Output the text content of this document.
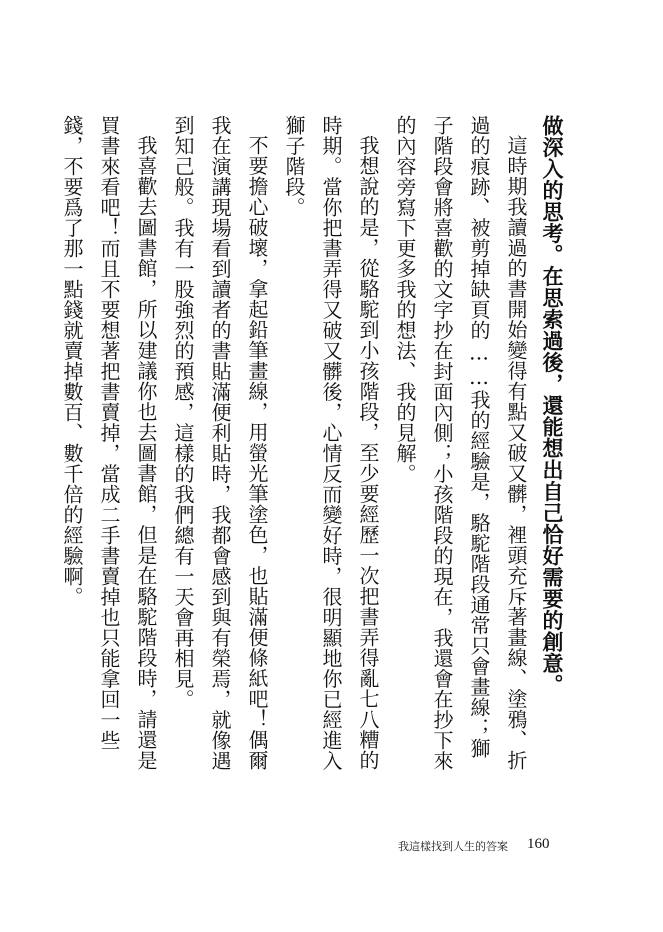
做深入的思考。在思索過後，還能想出自己恰好需要的創意。

這時期我讀過的書開始變得有點又破又髒，裡頭充斥著畫線、塗鴉、折過的痕跡、被剪掉缺頁的……我的經驗是，駱駝階段通常只會畫線；獅子階段會將喜歡的文字抄在封面內側；小孩階段的現在，我還會在抄下來的內容旁寫下更多我的想法、我的見解。

我想說的是，從駱駝到小孩階段，至少要經歷一次把書弄得亂七八糟的時期。當你把書弄得又破又髒後，心情反而變好時，很明顯地你已經進入獅子階段。

不要擔心破壞，拿起鉛筆畫線，用螢光筆塗色，也貼滿便條紙吧！偶爾我在演講現場看到讀者的書貼滿便利貼時，我都會感到與有榮焉，就像遇到知己般。我有一股強烈的預感，這樣的我們總有一天會再相見。

我喜歡去圖書館，所以建議你也去圖書館，但是在駱駝階段時，請還是買書來看吧！而且不要想著把書賣掉，當成二手書賣掉也只能拿回一些錢，不要爲了那一點錢就賣掉數百、數千倍的經驗啊。

我這樣找到人生的答案 160
